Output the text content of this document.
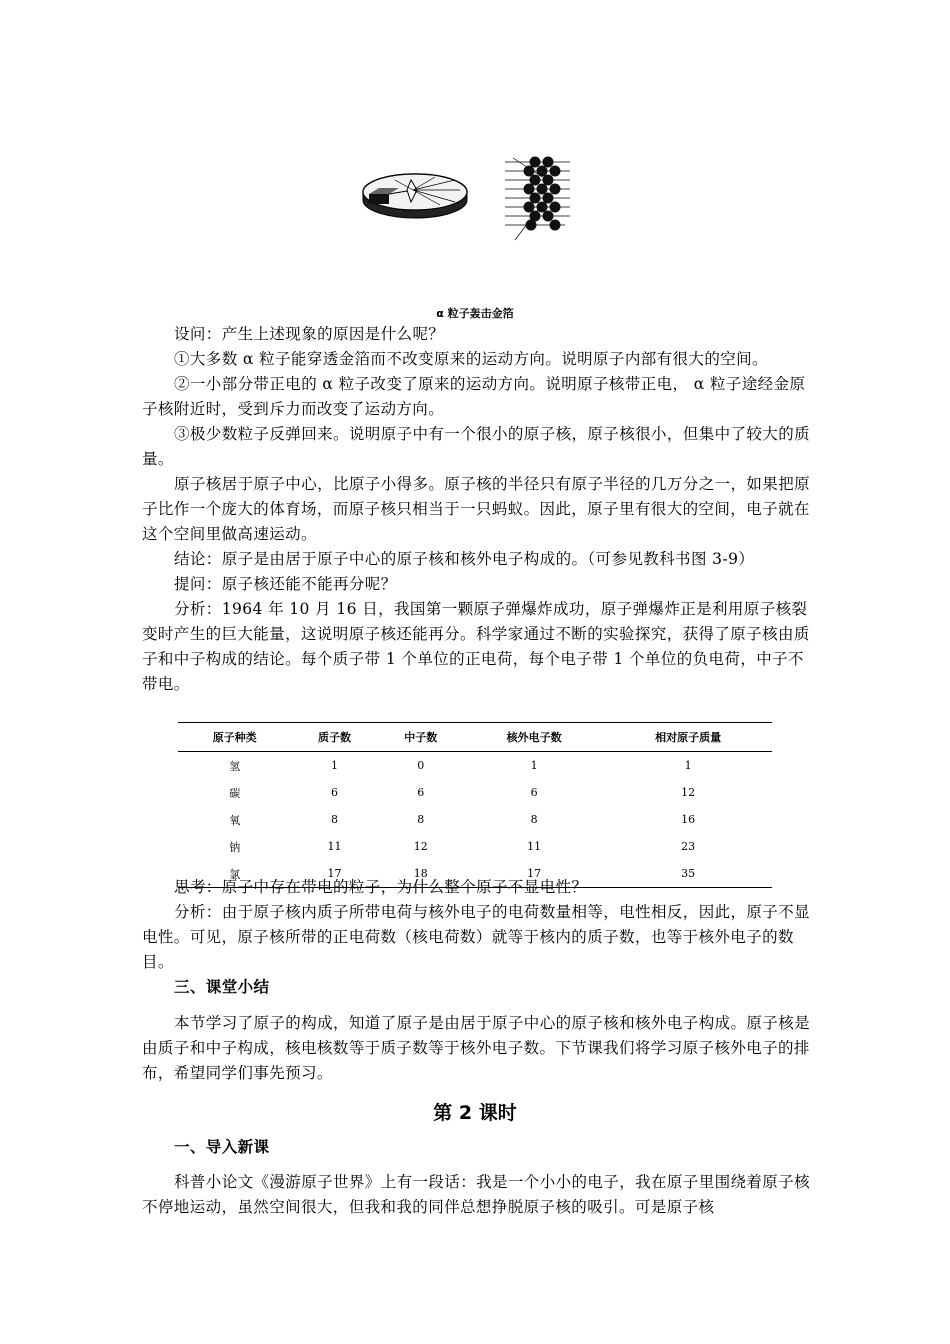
α 粒子轰击金箔

设问：产生上述现象的原因是什么呢？

①大多数 α 粒子能穿透金箔而不改变原来的运动方向。说明原子内部有很大的空间。

②一小部分带正电的 α 粒子改变了原来的运动方向。说明原子核带正电， α 粒子途经金原子核附近时，受到斥力而改变了运动方向。

③极少数粒子反弹回来。说明原子中有一个很小的原子核，原子核很小，但集中了较大的质量。

原子核居于原子中心，比原子小得多。原子核的半径只有原子半径的几万分之一，如果把原子比作一个庞大的体育场，而原子核只相当于一只蚂蚁。因此，原子里有很大的空间，电子就在这个空间里做高速运动。

结论：原子是由居于原子中心的原子核和核外电子构成的。（可参见教科书图 3-9）

提问：原子核还能不能再分呢？

分析：1964 年 10 月 16 日，我国第一颗原子弹爆炸成功，原子弹爆炸正是利用原子核裂变时产生的巨大能量，这说明原子核还能再分。科学家通过不断的实验探究，获得了原子核由质子和中子构成的结论。每个质子带 1 个单位的正电荷，每个电子带 1 个单位的负电荷，中子不带电。

原子种类	质子数	中子数	核外电子数	相对原子质量
氢	1	0	1	1
碳	6	6	6	12
氧	8	8	8	16
钠	11	12	11	23
氯	17	18	17	35

思考：原子中存在带电的粒子，为什么整个原子不显电性？

分析：由于原子核内质子所带电荷与核外电子的电荷数量相等，电性相反，因此，原子不显电性。可见，原子核所带的正电荷数（核电荷数）就等于核内的质子数，也等于核外电子的数目。

三、课堂小结

本节学习了原子的构成，知道了原子是由居于原子中心的原子核和核外电子构成。原子核是由质子和中子构成，核电核数等于质子数等于核外电子数。下节课我们将学习原子核外电子的排布，希望同学们事先预习。

第 2 课时

一、导入新课

科普小论文《漫游原子世界》上有一段话：我是一个小小的电子，我在原子里围绕着原子核不停地运动，虽然空间很大，但我和我的同伴总想挣脱原子核的吸引。可是原子核
